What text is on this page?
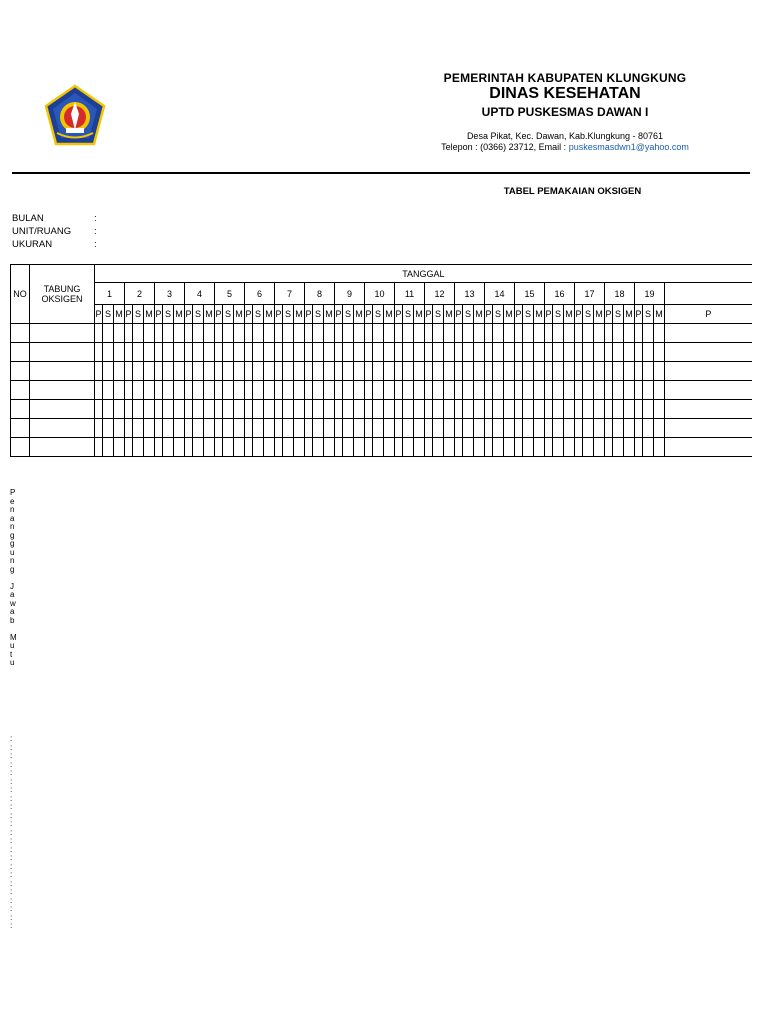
PEMERINTAH KABUPATEN KLUNGKUNG
DINAS KESEHATAN
UPTD PUSKESMAS DAWAN I
Desa Pikat, Kec. Dawan, Kab.Klungkung - 80761
Telepon : (0366) 23712, Email : puskesmasdwn1@yahoo.com
TABEL PEMAKAIAN OKSIGEN
BULAN	:
UNIT/RUANG :
UKURAN	:
NO	TABUNG OKSIGEN	TANGGAL																																																									
		1			2			3			4			5			6			7			8			9			10			11			12			13			14			15			16			17			18			19			
		P	S	M	P	S	M	P	S	M	P	S	M	P	S	M	P	S	M	P	S	M	P	S	M	P	S	M	P	S	M	P	S	M	P	S	M	P	S	M	P	S	M	P	S	M	P	S	M	P	S	M	P	S	M	P	S	M	P

P
e
n
a
n
g
g
u
n
g

J
a
w
a
b

M
u
t
u
:
:
:
:
:
:
:
:
:
:
:
:
:
:
:
:
:
:
:
:
:
:
:
